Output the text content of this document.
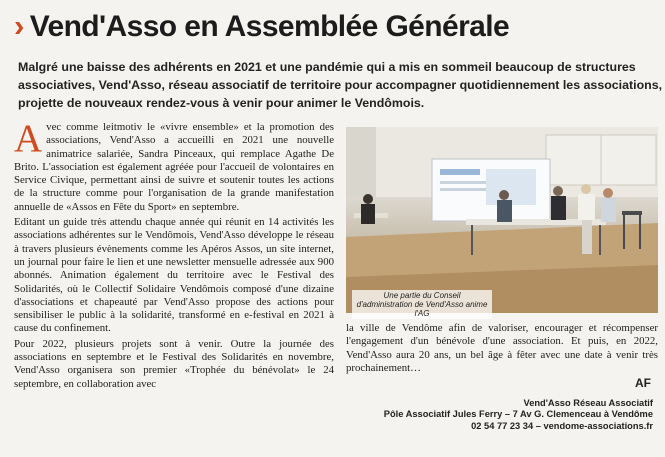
› Vend'Asso en Assemblée Générale
Malgré une baisse des adhérents en 2021 et une pandémie qui a mis en sommeil beaucoup de structures
associatives, Vend'Asso, réseau associatif de territoire pour accompagner quotidiennement les associations,
projette de nouveaux rendez-vous à venir pour animer le Vendômois.

Avec comme leitmotiv le «vivre ensemble» et la promotion des associations, Vend'Asso a accueilli en 2021 une nouvelle animatrice salariée, Sandra Pinceaux, qui remplace Agathe De Brito. L'association est également agréée pour l'accueil de volontaires en Service Civique, permettant ainsi de suivre et soutenir toutes les actions de la structure comme pour l'organisation de la grande manifestation annuelle de «Assos en Fête du Sport» en septembre.

Editant un guide très attendu chaque année qui réunit en 14 activités les associations adhérentes sur le Vendômois, Vend'Asso développe le réseau à travers plusieurs évènements comme les Apéros Assos, un site internet, un journal pour faire le lien et une newsletter mensuelle adressée aux 900 abonnés. Animation également du territoire avec le Festival des Solidarités, où le Collectif Solidaire Vendômois composé d'une dizaine d'associations et chapeauté par Vend'Asso propose des actions pour sensibiliser le public à la solidarité, transformé en e-festival en 2021 à cause du confinement.

Pour 2022, plusieurs projets sont à venir. Outre la journée des associations en septembre et le Festival des Solidarités en novembre, Vend'Asso organisera son premier «Trophée du bénévolat» le 24 septembre, en collaboration avec

Une partie du Conseil d'administration de Vend'Asso anime l'AG

la ville de Vendôme afin de valoriser, encourager et récompenser l'engagement d'un bénévole d'une association. Et puis, en 2022, Vend'Asso aura 20 ans, un bel âge à fêter avec une date à venir très prochainement…

AF
Vend'Asso Réseau Associatif
Pôle Associatif Jules Ferry – 7 Av G. Clemenceau à Vendôme
02 54 77 23 34 – vendome-associations.fr
